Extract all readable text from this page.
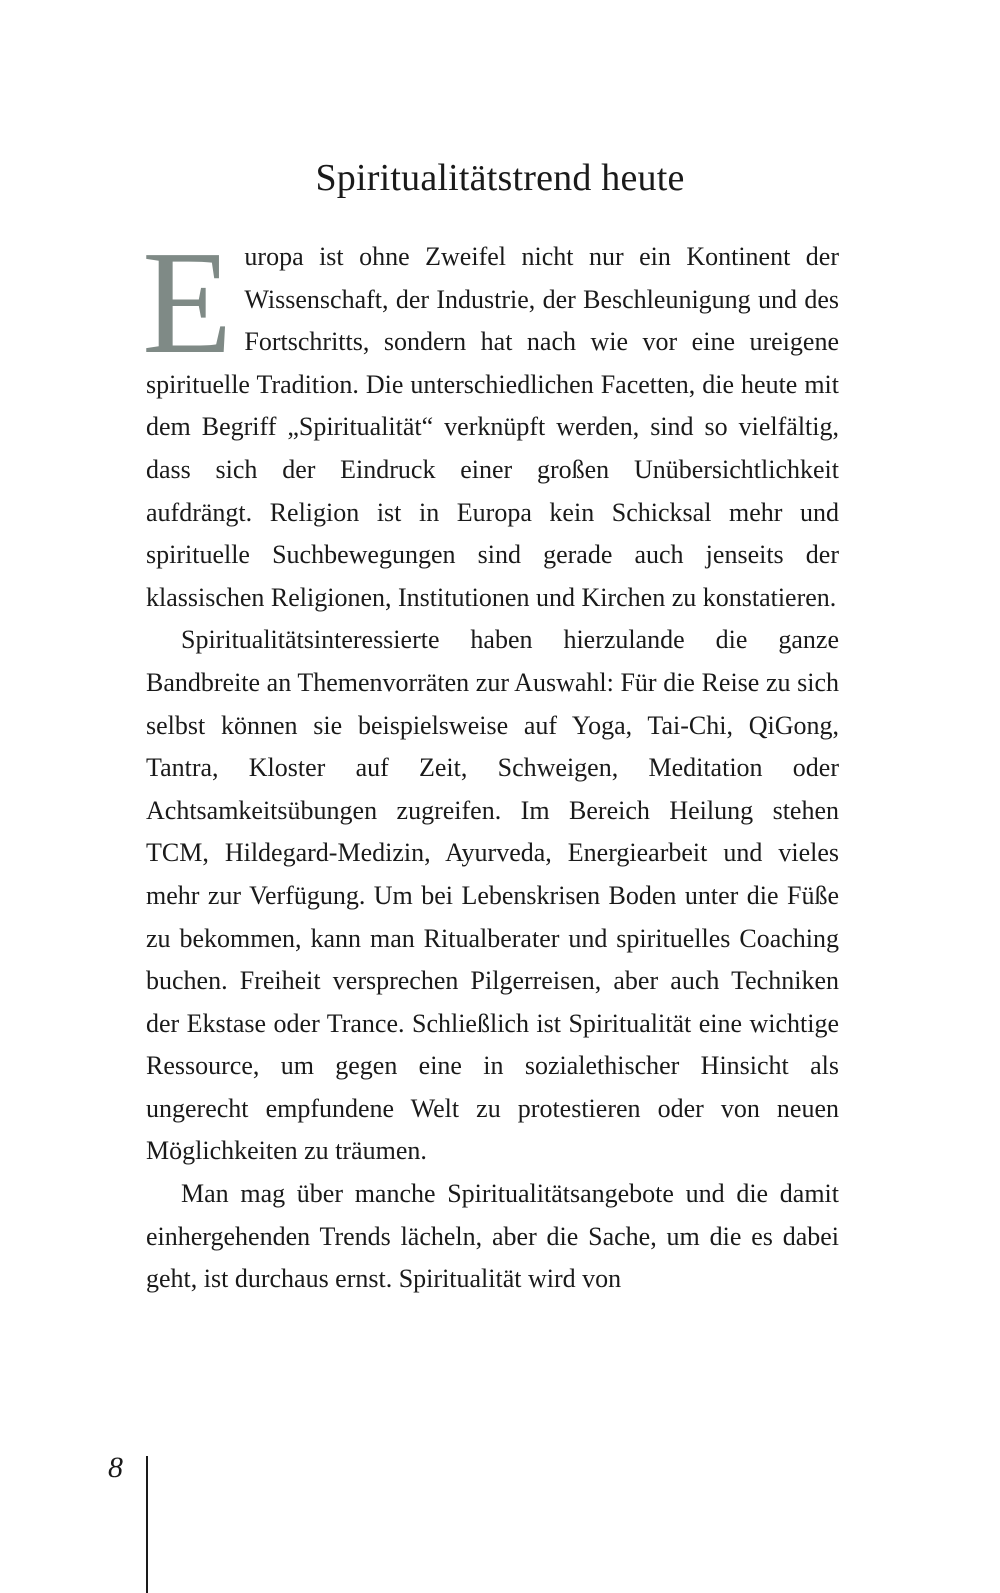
Spiritualitätstrend heute

Europa ist ohne Zweifel nicht nur ein Kontinent der Wissenschaft, der Industrie, der Beschleunigung und des Fortschritts, sondern hat nach wie vor eine ureigene spirituelle Tradition. Die unterschiedlichen Facetten, die heute mit dem Begriff „Spiritualität“ verknüpft werden, sind so vielfältig, dass sich der Eindruck einer großen Unübersichtlichkeit aufdrängt. Religion ist in Europa kein Schicksal mehr und spirituelle Suchbewegungen sind gerade auch jenseits der klassischen Religionen, Institutionen und Kirchen zu konstatieren.

Spiritualitätsinteressierte haben hierzulande die ganze Bandbreite an Themenvorräten zur Auswahl: Für die Reise zu sich selbst können sie beispielsweise auf Yoga, Tai-Chi, QiGong, Tantra, Kloster auf Zeit, Schweigen, Meditation oder Achtsamkeitsübungen zugreifen. Im Bereich Heilung stehen TCM, Hildegard-Medizin, Ayurveda, Energiearbeit und vieles mehr zur Verfügung. Um bei Lebenskrisen Boden unter die Füße zu bekommen, kann man Ritualberater und spirituelles Coaching buchen. Freiheit versprechen Pilgerreisen, aber auch Techniken der Ekstase oder Trance. Schließlich ist Spiritualität eine wichtige Ressource, um gegen eine in sozialethischer Hinsicht als ungerecht empfundene Welt zu protestieren oder von neuen Möglichkeiten zu träumen.

Man mag über manche Spiritualitätsangebote und die damit einhergehenden Trends lächeln, aber die Sache, um die es dabei geht, ist durchaus ernst. Spiritualität wird von

8
